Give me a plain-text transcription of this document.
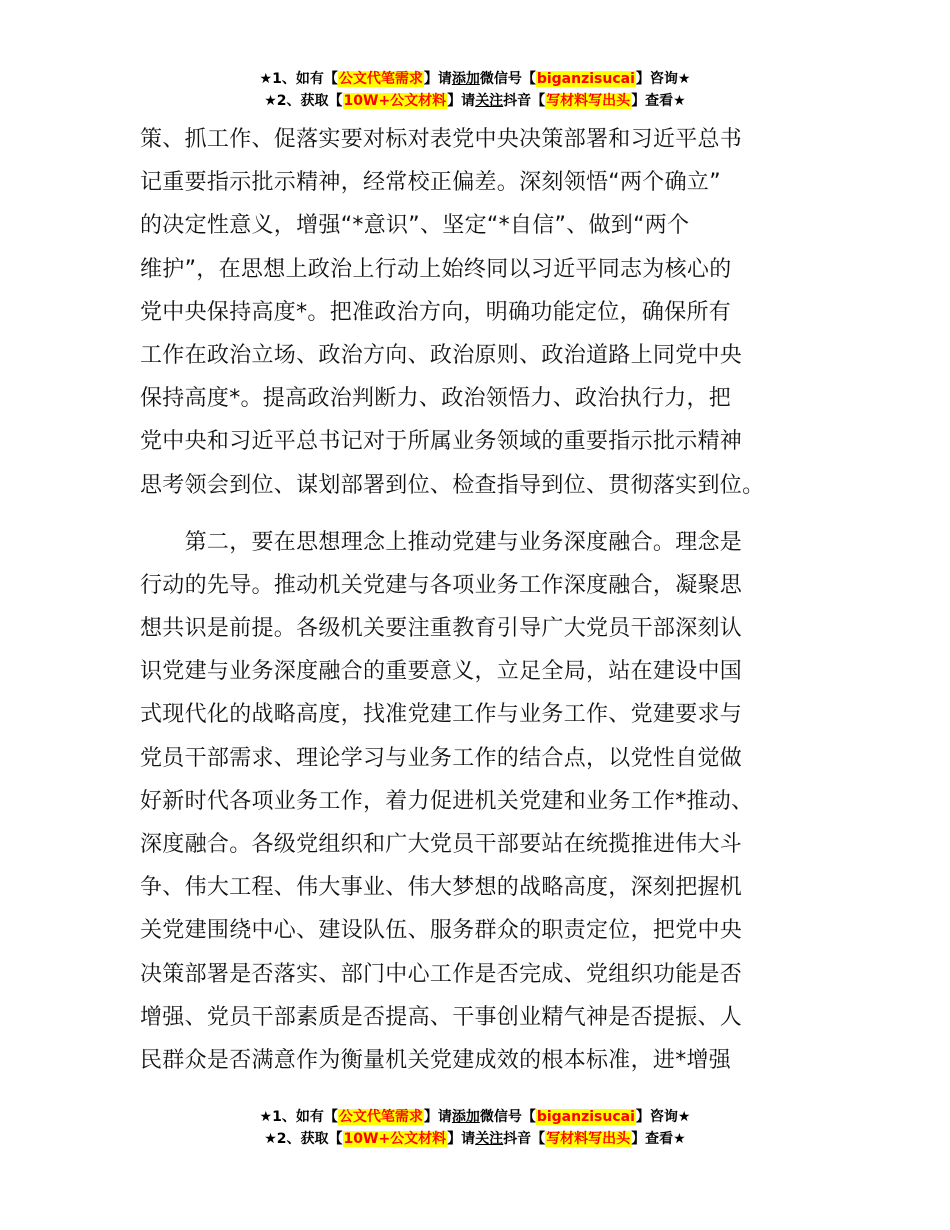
★1、如有【公文代笔需求】请添加微信号【biganzisucai】咨询★
★2、获取【10W+公文材料】请关注抖音【写材料写出头】查看★
策、抓工作、促落实要对标对表党中央决策部署和习近平总书
记重要指示批示精神，经常校正偏差。深刻领悟“两个确立”
的决定性意义，增强“*意识”、坚定“*自信”、做到“两个
维护”，在思想上政治上行动上始终同以习近平同志为核心的
党中央保持高度*。把准政治方向，明确功能定位，确保所有
工作在政治立场、政治方向、政治原则、政治道路上同党中央
保持高度*。提高政治判断力、政治领悟力、政治执行力，把
党中央和习近平总书记对于所属业务领域的重要指示批示精神
思考领会到位、谋划部署到位、检查指导到位、贯彻落实到位。
　　第二，要在思想理念上推动党建与业务深度融合。理念是
行动的先导。推动机关党建与各项业务工作深度融合，凝聚思
想共识是前提。各级机关要注重教育引导广大党员干部深刻认
识党建与业务深度融合的重要意义，立足全局，站在建设中国
式现代化的战略高度，找准党建工作与业务工作、党建要求与
党员干部需求、理论学习与业务工作的结合点，以党性自觉做
好新时代各项业务工作，着力促进机关党建和业务工作*推动、
深度融合。各级党组织和广大党员干部要站在统揽推进伟大斗
争、伟大工程、伟大事业、伟大梦想的战略高度，深刻把握机
关党建围绕中心、建设队伍、服务群众的职责定位，把党中央
决策部署是否落实、部门中心工作是否完成、党组织功能是否
增强、党员干部素质是否提高、干事创业精气神是否提振、人
民群众是否满意作为衡量机关党建成效的根本标准，进*增强
★1、如有【公文代笔需求】请添加微信号【biganzisucai】咨询★
★2、获取【10W+公文材料】请关注抖音【写材料写出头】查看★
